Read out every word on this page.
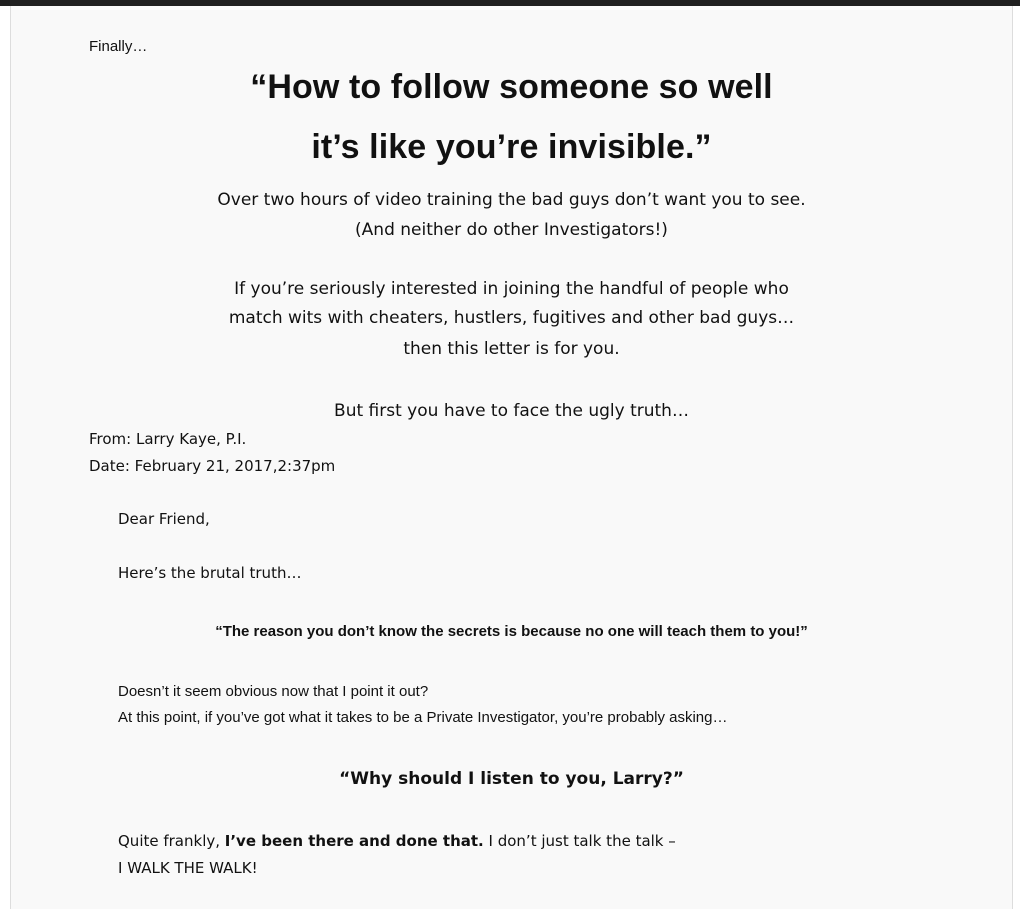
Finally…
“How to follow someone so well
it’s like you’re invisible.”
Over two hours of video training the bad guys don’t want you to see.
(And neither do other Investigators!)
If you’re seriously interested in joining the handful of people who
match wits with cheaters, hustlers, fugitives and other bad guys…
then this letter is for you.
But first you have to face the ugly truth…
From: Larry Kaye, P.I.
Date: February 21, 2017,2:37pm
Dear Friend,
Here’s the brutal truth…
“The reason you don’t know the secrets is because no one will teach them to you!”
Doesn’t it seem obvious now that I point it out?
At this point, if you’ve got what it takes to be a Private Investigator, you’re probably asking…
“Why should I listen to you, Larry?”
Quite frankly, I’ve been there and done that. I don’t just talk the talk –
I WALK THE WALK!
